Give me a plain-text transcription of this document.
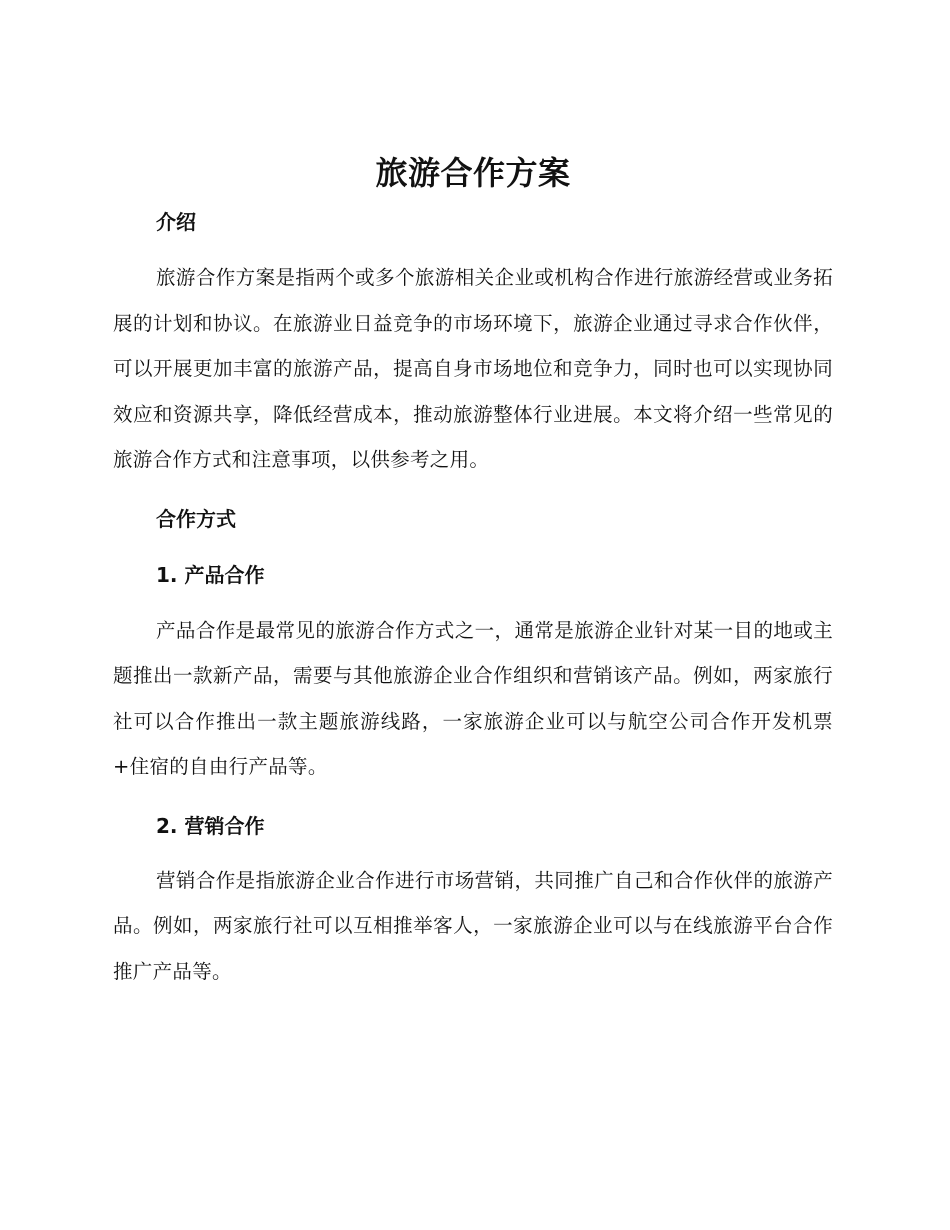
旅游合作方案
介绍

旅游合作方案是指两个或多个旅游相关企业或机构合作进行旅游经营或业务拓展的计划和协议。在旅游业日益竞争的市场环境下，旅游企业通过寻求合作伙伴，可以开展更加丰富的旅游产品，提高自身市场地位和竞争力，同时也可以实现协同效应和资源共享，降低经营成本，推动旅游整体行业进展。本文将介绍一些常见的旅游合作方式和注意事项，以供参考之用。

合作方式
1. 产品合作

产品合作是最常见的旅游合作方式之一，通常是旅游企业针对某一目的地或主题推出一款新产品，需要与其他旅游企业合作组织和营销该产品。例如，两家旅行社可以合作推出一款主题旅游线路，一家旅游企业可以与航空公司合作开发机票+住宿的自由行产品等。

2. 营销合作

营销合作是指旅游企业合作进行市场营销，共同推广自己和合作伙伴的旅游产品。例如，两家旅行社可以互相推举客人，一家旅游企业可以与在线旅游平台合作推广产品等。
